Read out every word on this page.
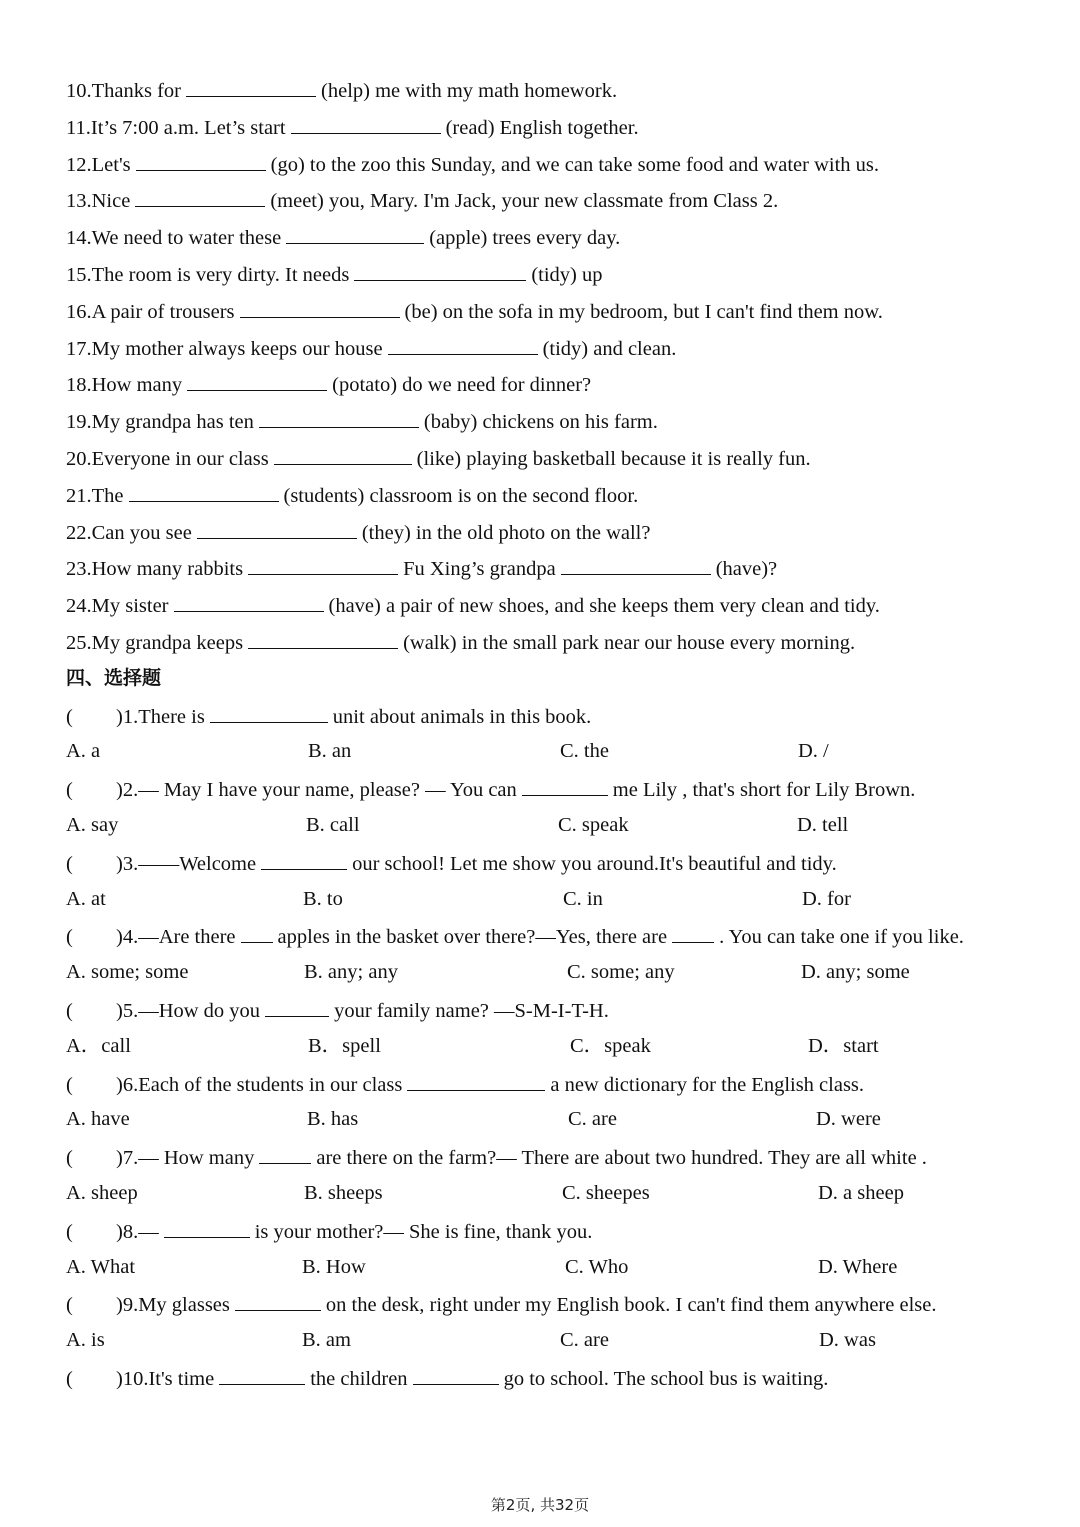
10.Thanks for	(help) me with my math homework.
11.It’s 7:00 a.m. Let’s start	(read) English together.
12.Let's	(go) to the zoo this Sunday, and we can take some food and water with us.
13.Nice	(meet) you, Mary. I'm Jack, your new classmate from Class 2.
14.We need to water these	(apple) trees every day.
15.The room is very dirty. It needs	(tidy) up
16.A pair of trousers	(be) on the sofa in my bedroom, but I can't find them now.
17.My mother always keeps our house	(tidy) and clean.
18.How many	(potato) do we need for dinner?
19.My grandpa has ten	(baby) chickens on his farm.
20.Everyone in our class	(like) playing basketball because it is really fun.
21.The	(students) classroom is on the second floor.
22.Can you see	(they) in the old photo on the wall?
23.How many rabbits	Fu Xing’s grandpa	(have)?
24.My sister	(have) a pair of new shoes, and she keeps them very clean and tidy.
25.My grandpa keeps	(walk) in the small park near our house every morning.
四、选择题
( )1.There is	unit about animals in this book.
A. a	B. an	C. the	D. /
( )2.— May I have your name, please? — You can	me Lily , that's short for Lily Brown.
A. say	B. call	C. speak	D. tell
( )3.——Welcome	our school! Let me show you around.It's beautiful and tidy.
A. at	B. to	C. in	D. for
( )4.—Are there apples in the basket over there?—Yes, there are	. You can take one if you like.
A. some; some	B. any; any	C. some; any	D. any; some
( )5.—How do you	your family name? —S-M-I-T-H.
A．call	B．spell	C．speak	D．start
( )6.Each of the students in our class	a new dictionary for the English class.
A. have	B. has	C. are	D. were
( )7.— How many	are there on the farm?— There are about two hundred. They are all white .
A. sheep	B. sheeps	C. sheepes	D. a sheep
( )8.—	is your mother?— She is fine, thank you.
A. What	B. How	C. Who	D. Where
( )9.My glasses	on the desk, right under my English book. I can't find them anywhere else.
A. is	B. am	C. are	D. was
( )10.It's time	the children	go to school. The school bus is waiting.
第2页, 共32页
